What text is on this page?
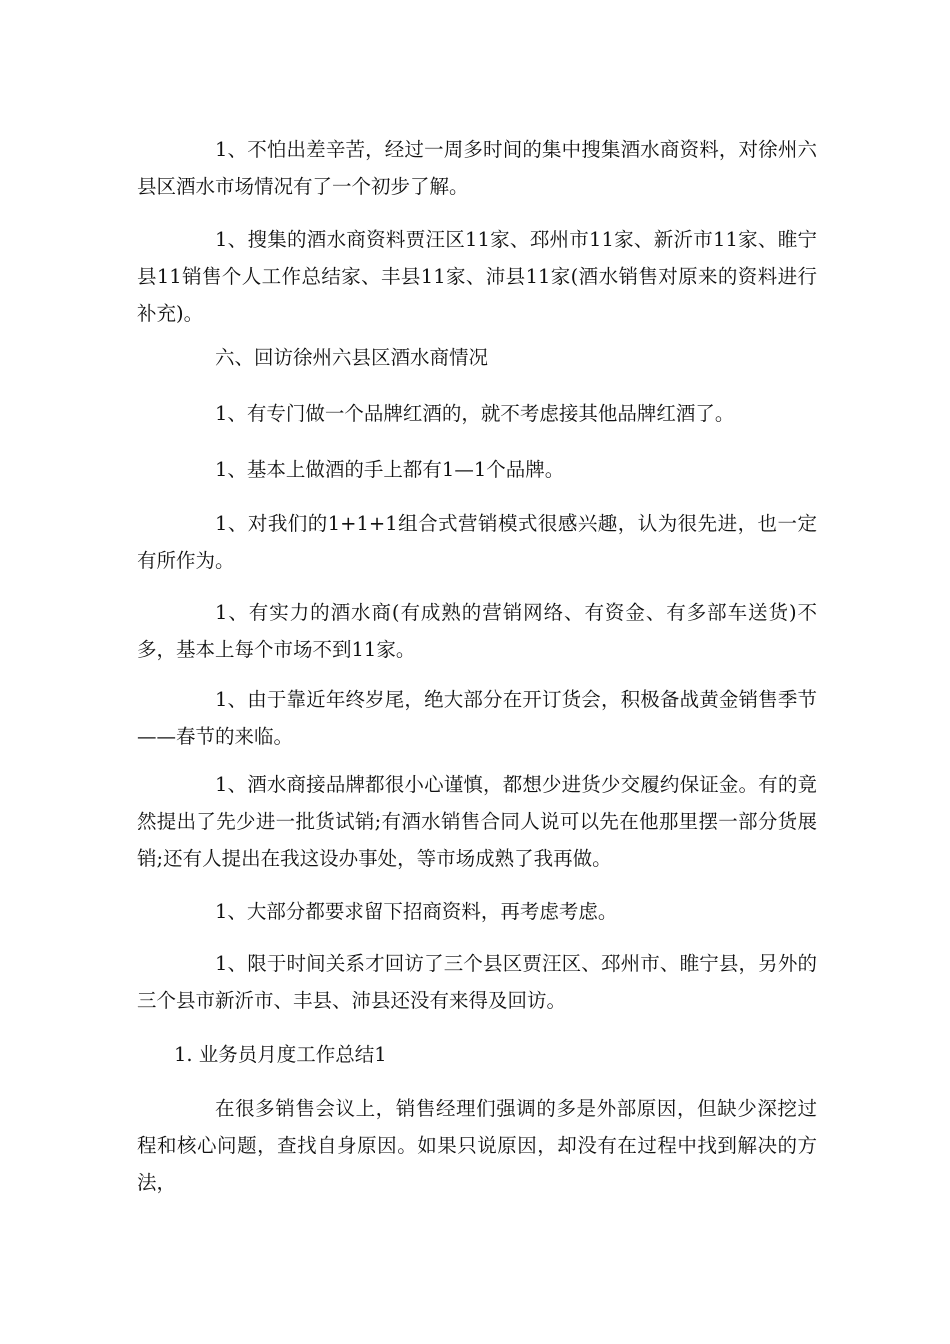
1、不怕出差辛苦，经过一周多时间的集中搜集酒水商资料，对徐州六县区酒水市场情况有了一个初步了解。

1、搜集的酒水商资料贾汪区11家、邳州市11家、新沂市11家、睢宁县11销售个人工作总结家、丰县11家、沛县11家(酒水销售对原来的资料进行补充)。

六、回访徐州六县区酒水商情况

1、有专门做一个品牌红酒的，就不考虑接其他品牌红酒了。

1、基本上做酒的手上都有1—1个品牌。

1、对我们的1+1+1组合式营销模式很感兴趣，认为很先进，也一定有所作为。

1、有实力的酒水商(有成熟的营销网络、有资金、有多部车送货)不多，基本上每个市场不到11家。

1、由于靠近年终岁尾，绝大部分在开订货会，积极备战黄金销售季节——春节的来临。

1、酒水商接品牌都很小心谨慎，都想少进货少交履约保证金。有的竟然提出了先少进一批货试销;有酒水销售合同人说可以先在他那里摆一部分货展销;还有人提出在我这设办事处，等市场成熟了我再做。

1、大部分都要求留下招商资料，再考虑考虑。

1、限于时间关系才回访了三个县区贾汪区、邳州市、睢宁县，另外的三个县市新沂市、丰县、沛县还没有来得及回访。

1. 业务员月度工作总结1

在很多销售会议上，销售经理们强调的多是外部原因，但缺少深挖过程和核心问题，查找自身原因。如果只说原因，却没有在过程中找到解决的方法，
